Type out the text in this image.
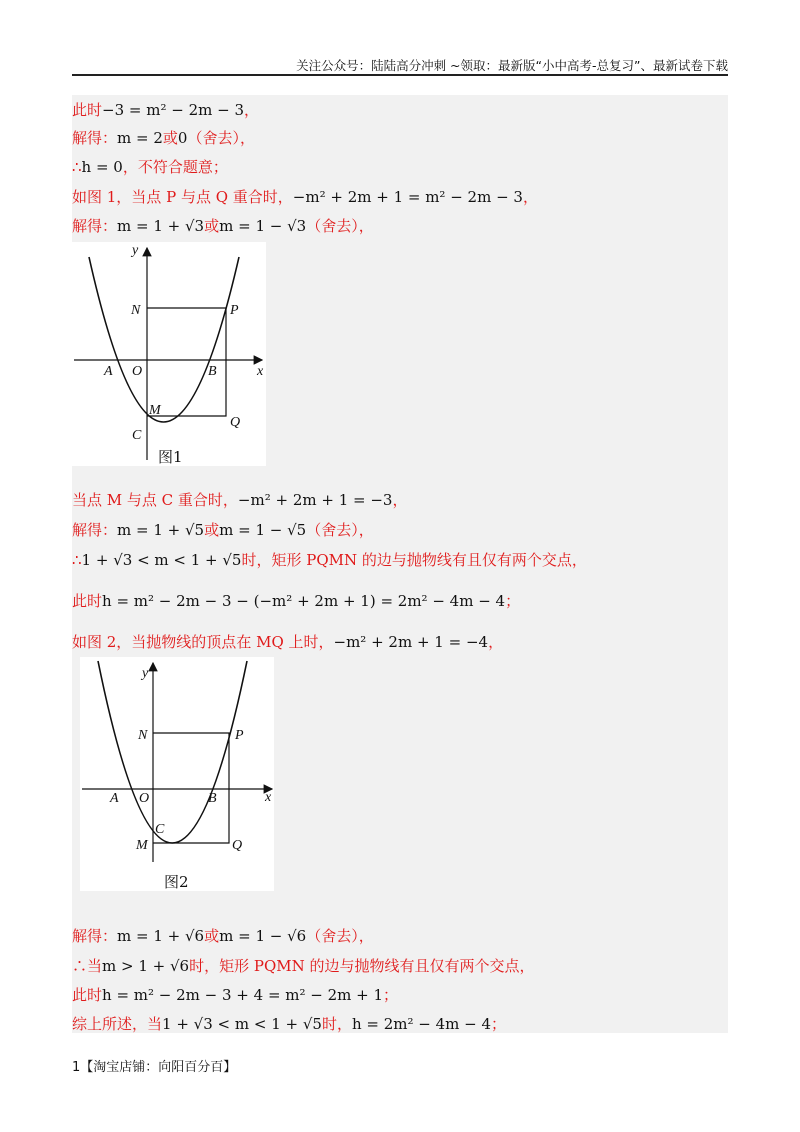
关注公众号：陆陆高分冲刺 ~领取：最新版“小中高考-总复习”、最新试卷下载
此时−3 = m² − 2m − 3，
解得：m = 2或0（舍去），
∴h = 0，不符合题意；
如图 1，当点 P 与点 Q 重合时，−m² + 2m + 1 = m² − 2m − 3，
解得：m = 1 + √3或m = 1 − √3（舍去），
y
x
N	P
A O	B
M
Q
C
图1
当点 M 与点 C 重合时，−m² + 2m + 1 = −3，
解得：m = 1 + √5或m = 1 − √5（舍去），
∴1 + √3 < m < 1 + √5时，矩形 PQMN 的边与抛物线有且仅有两个交点，
此时h = m² − 2m − 3 − (−m² + 2m + 1) = 2m² − 4m − 4；
如图 2，当抛物线的顶点在 MQ 上时，−m² + 2m + 1 = −4，
y
x
N	P
A O	B
C
M	Q
图2
解得：m = 1 + √6或m = 1 − √6（舍去），
∴当m > 1 + √6时，矩形 PQMN 的边与抛物线有且仅有两个交点，
此时h = m² − 2m − 3 + 4 = m² − 2m + 1；
综上所述，当1 + √3 < m < 1 + √5时，h = 2m² − 4m − 4；
1【淘宝店铺：向阳百分百】
